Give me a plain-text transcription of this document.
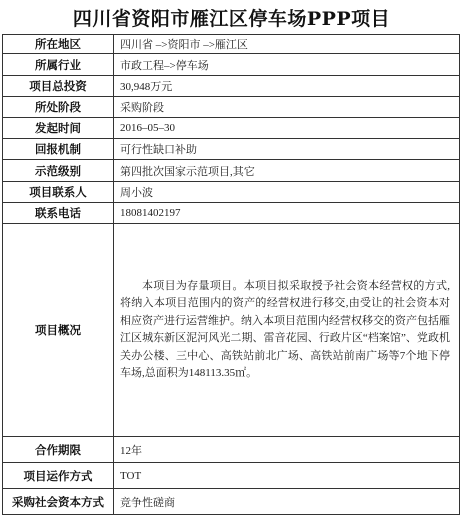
四川省资阳市雁江区停车场PPP项目
所在地区	四川省 –>资阳市 –>雁江区
所属行业	市政工程–>停车场
项目总投资	30,948万元
所处阶段	采购阶段
发起时间	2016–05–30
回报机制	可行性缺口补助
示范级别	第四批次国家示范项目,其它
项目联系人	周小波
联系电话	18081402197
项目概况	本项目为存量项目。本项目拟采取授予社会资本经营权的方式,将纳入本项目范围内的资产的经营权进行移交,由受让的社会资本对相应资产进行运营维护。纳入本项目范围内经营权移交的资产包括雁江区城东新区泥河风光二期、雷音花园、行政片区“档案馆”、党政机关办公楼、三中心、高铁站前北广场、高铁站前南广场等7个地下停车场,总面积为148113.35㎡。
合作期限	12年
项目运作方式	TOT
采购社会资本方式	竞争性磋商
